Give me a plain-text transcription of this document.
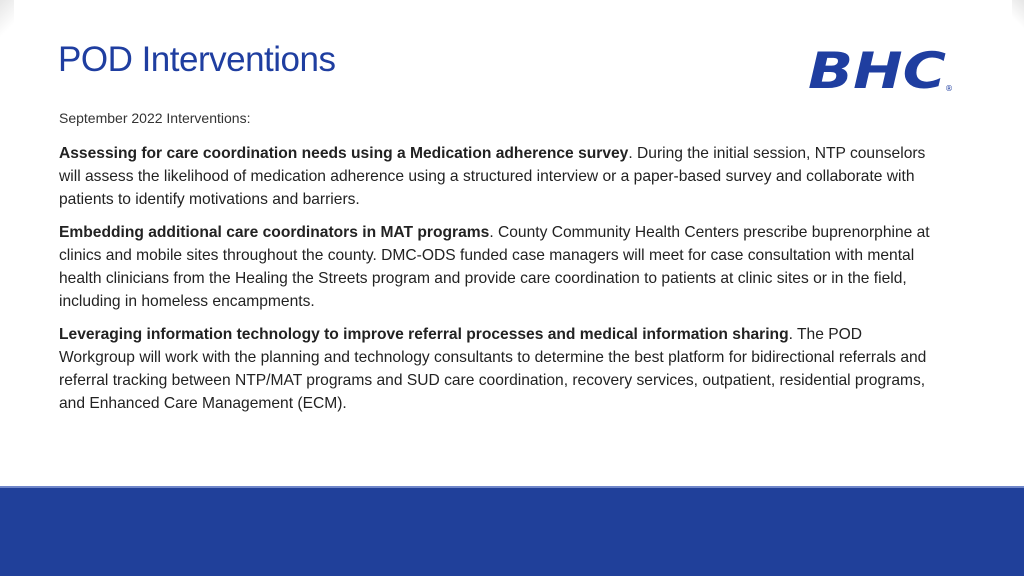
POD Interventions	BHC
®

September 2022 Interventions:

Assessing for care coordination needs using a Medication adherence survey. During the initial session, NTP counselors will assess the likelihood of medication adherence using a structured interview or a paper-based survey and collaborate with patients to identify motivations and barriers.

Embedding additional care coordinators in MAT programs. County Community Health Centers prescribe buprenorphine at clinics and mobile sites throughout the county. DMC-ODS funded case managers will meet for case consultation with mental health clinicians from the Healing the Streets program and provide care coordination to patients at clinic sites or in the field, including in homeless encampments.

Leveraging information technology to improve referral processes and medical information sharing. The POD Workgroup will work with the planning and technology consultants to determine the best platform for bidirectional referrals and referral tracking between NTP/MAT programs and SUD care coordination, recovery services, outpatient, residential programs, and Enhanced Care Management (ECM).
